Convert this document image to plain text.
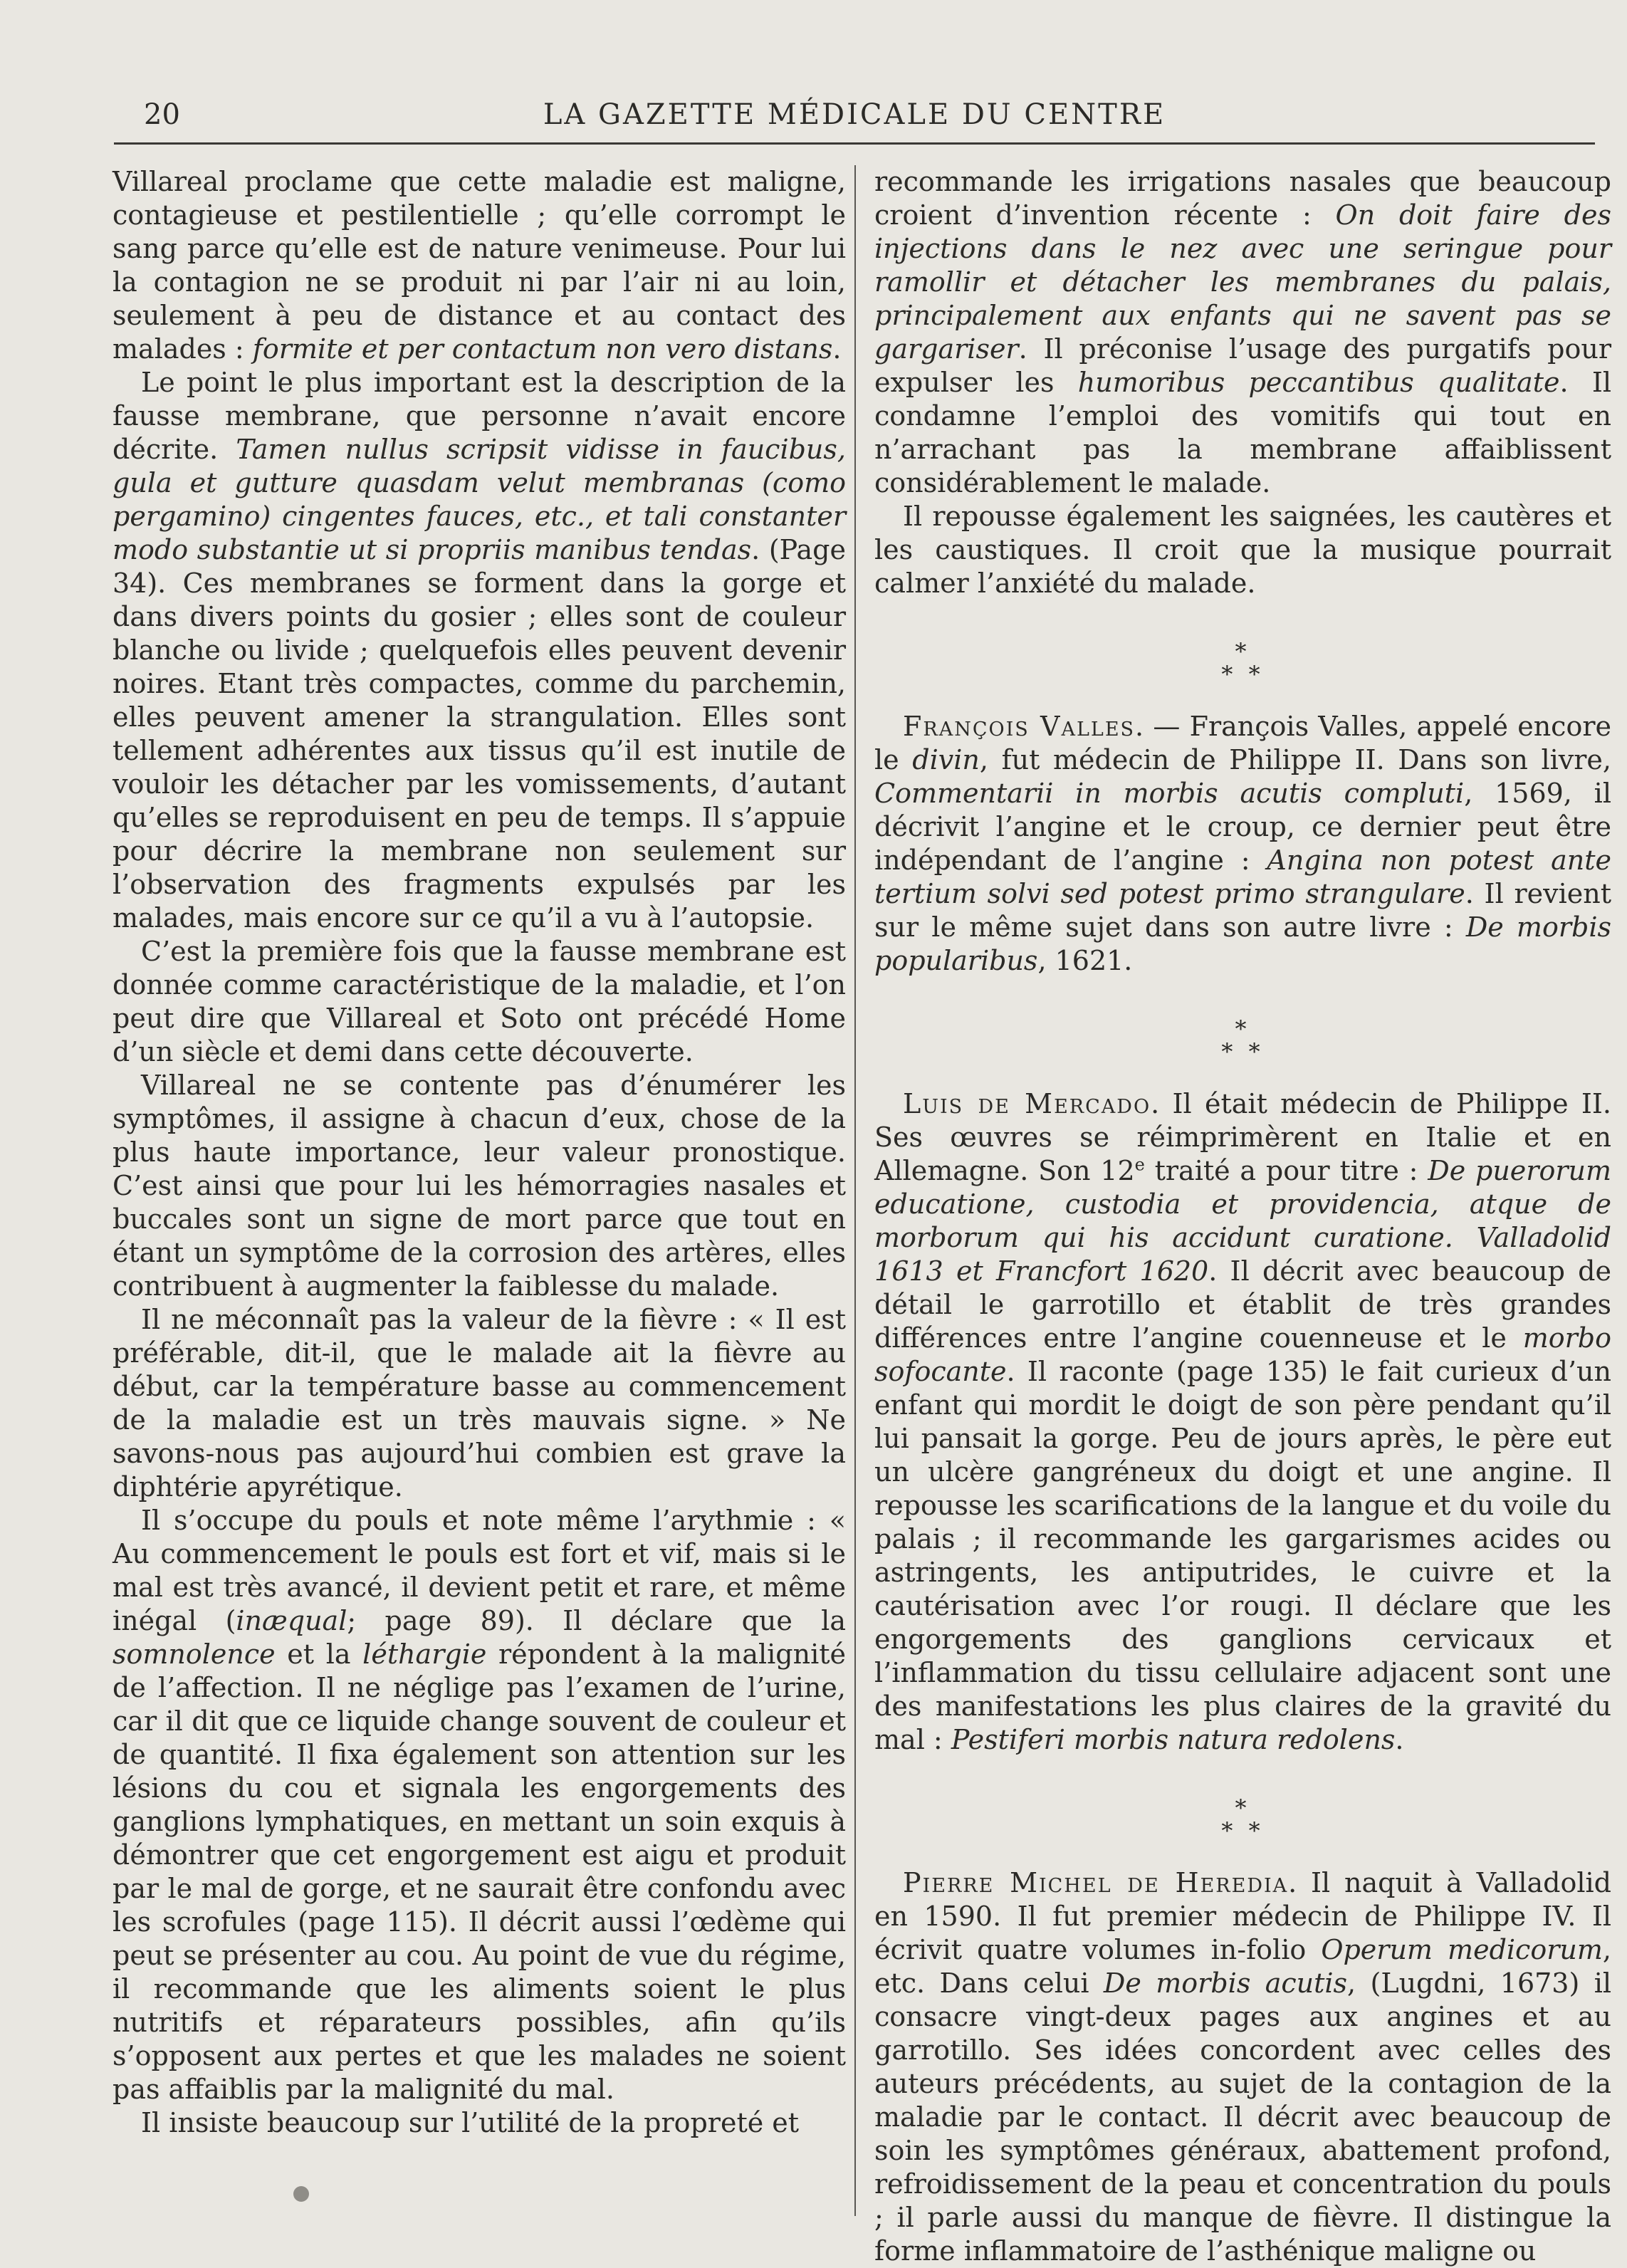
20	LA GAZETTE MÉDICALE DU CENTRE

Villareal proclame que cette maladie est maligne, contagieuse et pestilentielle ; qu’elle corrompt le sang parce qu’elle est de nature venimeuse. Pour lui la contagion ne se produit ni par l’air ni au loin, seulement à peu de distance et au contact des malades : formite et per contactum non vero distans.

Le point le plus important est la description de la fausse membrane, que personne n’avait encore décrite. Tamen nullus scripsit vidisse in faucibus, gula et gutture quasdam velut membranas (como pergamino) cingentes fauces, etc., et tali constanter modo substantie ut si propriis manibus tendas. (Page 34). Ces membranes se forment dans la gorge et dans divers points du gosier ; elles sont de couleur blanche ou livide ; quelquefois elles peuvent devenir noires. Etant très compactes, comme du parchemin, elles peuvent amener la strangulation. Elles sont tellement adhérentes aux tissus qu’il est inutile de vouloir les détacher par les vomissements, d’autant qu’elles se reproduisent en peu de temps. Il s’appuie pour décrire la membrane non seulement sur l’observation des fragments expulsés par les malades, mais encore sur ce qu’il a vu à l’autopsie.

C’est la première fois que la fausse membrane est donnée comme caractéristique de la maladie, et l’on peut dire que Villareal et Soto ont précédé Home d’un siècle et demi dans cette découverte.

Villareal ne se contente pas d’énumérer les symptômes, il assigne à chacun d’eux, chose de la plus haute importance, leur valeur pronostique. C’est ainsi que pour lui les hémorragies nasales et buccales sont un signe de mort parce que tout en étant un symptôme de la corrosion des artères, elles contribuent à augmenter la faiblesse du malade.

Il ne méconnaît pas la valeur de la fièvre : « Il est préférable, dit-il, que le malade ait la fièvre au début, car la température basse au commencement de la maladie est un très mauvais signe. » Ne savons-nous pas aujourd’hui combien est grave la diphtérie apyrétique.

Il s’occupe du pouls et note même l’arythmie : « Au commencement le pouls est fort et vif, mais si le mal est très avancé, il devient petit et rare, et même inégal (inæqual; page 89). Il déclare que la somnolence et la léthargie répondent à la malignité de l’affection. Il ne néglige pas l’examen de l’urine, car il dit que ce liquide change souvent de couleur et de quantité. Il fixa également son attention sur les lésions du cou et signala les engorgements des ganglions lymphatiques, en mettant un soin exquis à démontrer que cet engorgement est aigu et produit par le mal de gorge, et ne saurait être confondu avec les scrofules (page 115). Il décrit aussi l’œdème qui peut se présenter au cou. Au point de vue du régime, il recommande que les aliments soient le plus nutritifs et réparateurs possibles, afin qu’ils s’opposent aux pertes et que les malades ne soient pas affaiblis par la malignité du mal.

Il insiste beaucoup sur l’utilité de la propreté et

recommande les irrigations nasales que beaucoup croient d’invention récente : On doit faire des injections dans le nez avec une seringue pour ramollir et détacher les membranes du palais, principalement aux enfants qui ne savent pas se gargariser. Il préconise l’usage des purgatifs pour expulser les humoribus peccantibus qualitate. Il condamne l’emploi des vomitifs qui tout en n’arrachant pas la membrane affaiblissent considérablement le malade.

Il repousse également les saignées, les cautères et les caustiques. Il croit que la musique pourrait calmer l’anxiété du malade.

*
* *

François Valles. — François Valles, appelé encore le divin, fut médecin de Philippe II. Dans son livre, Commentarii in morbis acutis compluti, 1569, il décrivit l’angine et le croup, ce dernier peut être indépendant de l’angine : Angina non potest ante tertium solvi sed potest primo strangulare. Il revient sur le même sujet dans son autre livre : De morbis popularibus, 1621.

*
* *

Luis de Mercado. Il était médecin de Philippe II. Ses œuvres se réimprimèrent en Italie et en Allemagne. Son 12e traité a pour titre : De puerorum educatione, custodia et providencia, atque de morborum qui his accidunt curatione. Valladolid 1613 et Francfort 1620. Il décrit avec beaucoup de détail le garrotillo et établit de très grandes différences entre l’angine couenneuse et le morbo sofocante. Il raconte (page 135) le fait curieux d’un enfant qui mordit le doigt de son père pendant qu’il lui pansait la gorge. Peu de jours après, le père eut un ulcère gangréneux du doigt et une angine. Il repousse les scarifications de la langue et du voile du palais ; il recommande les gargarismes acides ou astringents, les antiputrides, le cuivre et la cautérisation avec l’or rougi. Il déclare que les engorgements des ganglions cervicaux et l’inflammation du tissu cellulaire adjacent sont une des manifestations les plus claires de la gravité du mal : Pestiferi morbis natura redolens.

*
* *

Pierre Michel de Heredia. Il naquit à Valladolid en 1590. Il fut premier médecin de Philippe IV. Il écrivit quatre volumes in-folio Operum medicorum, etc. Dans celui De morbis acutis, (Lugdni, 1673) il consacre vingt-deux pages aux angines et au garrotillo. Ses idées concordent avec celles des auteurs précédents, au sujet de la contagion de la maladie par le contact. Il décrit avec beaucoup de soin les symptômes généraux, abattement profond, refroidissement de la peau et concentration du pouls ; il parle aussi du manque de fièvre. Il distingue la forme inflammatoire de l’asthénique maligne ou
